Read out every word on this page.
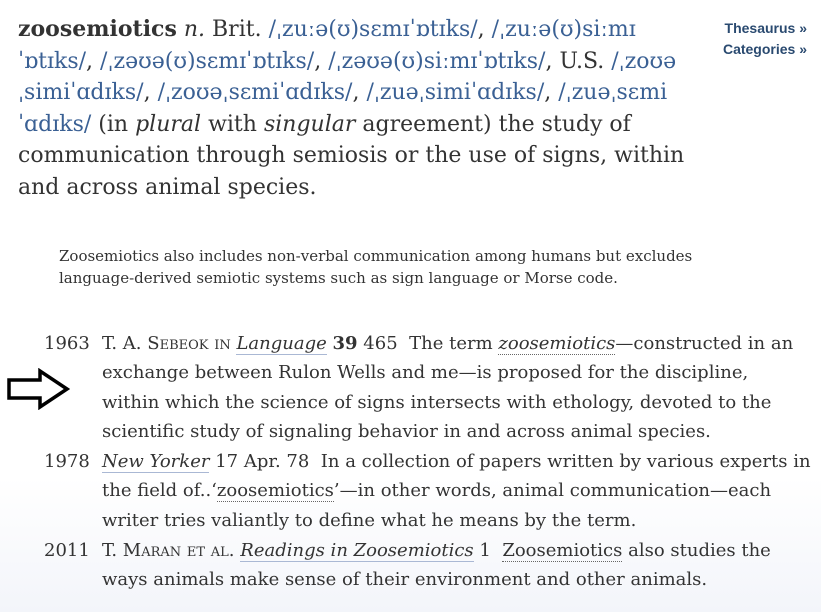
Thesaurus »
Categories »
zoosemiotics n. Brit. /ˌzuːə(ʊ)sɛmɪˈɒtɪks/, /ˌzuːə(ʊ)siːmɪˈɒtɪks/, /ˌzəʊə(ʊ)sɛmɪˈɒtɪks/, /ˌzəʊə(ʊ)siːmɪˈɒtɪks/, U.S. /ˌzoʊəˌsimiˈɑdɪks/, /ˌzoʊəˌsɛmiˈɑdɪks/, /ˌzuəˌsimiˈɑdɪks/, /ˌzuəˌsɛmiˈɑdɪks/ (in plural with singular agreement) the study of communication through semiosis or the use of signs, within and across animal species.
Zoosemiotics also includes non-verbal communication among humans but excludes language-derived semiotic systems such as sign language or Morse code.
1963 T. A. Sebeok in Language 39 465 The term zoosemiotics—constructed in an exchange between Rulon Wells and me—is proposed for the discipline, within which the science of signs intersects with ethology, devoted to the scientific study of signaling behavior in and across animal species.
1978 New Yorker 17 Apr. 78 In a collection of papers written by various experts in the field of..‘zoosemiotics’—in other words, animal communication—each writer tries valiantly to define what he means by the term.
2011 T. Maran et al. Readings in Zoosemiotics 1 Zoosemiotics also studies the ways animals make sense of their environment and other animals.
